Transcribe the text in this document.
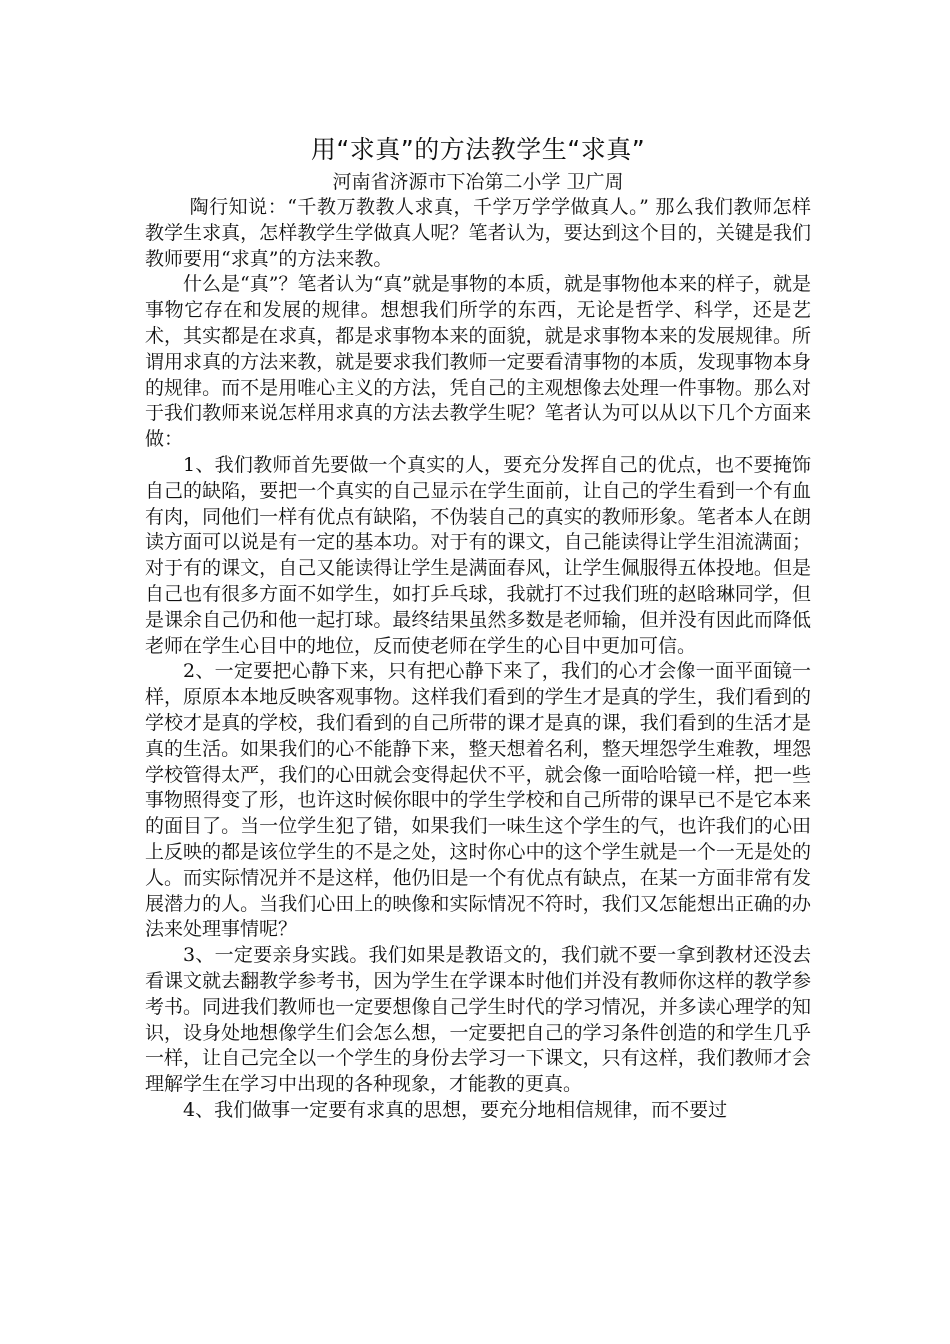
用“求真”的方法教学生“求真”

河南省济源市下冶第二小学 卫广周

陶行知说：“千教万教教人求真，千学万学学做真人。” 那么我们教师怎样教学生求真，怎样教学生学做真人呢？笔者认为，要达到这个目的，关键是我们教师要用“求真”的方法来教。

什么是“真”？笔者认为“真”就是事物的本质，就是事物他本来的样子，就是事物它存在和发展的规律。想想我们所学的东西，无论是哲学、科学，还是艺术，其实都是在求真，都是求事物本来的面貌，就是求事物本来的发展规律。所谓用求真的方法来教，就是要求我们教师一定要看清事物的本质，发现事物本身的规律。而不是用唯心主义的方法，凭自己的主观想像去处理一件事物。那么对于我们教师来说怎样用求真的方法去教学生呢？笔者认为可以从以下几个方面来做：

1、我们教师首先要做一个真实的人，要充分发挥自己的优点，也不要掩饰自己的缺陷，要把一个真实的自己显示在学生面前，让自己的学生看到一个有血有肉，同他们一样有优点有缺陷，不伪装自己的真实的教师形象。笔者本人在朗读方面可以说是有一定的基本功。对于有的课文，自己能读得让学生泪流满面；对于有的课文，自己又能读得让学生是满面春风，让学生佩服得五体投地。但是自己也有很多方面不如学生，如打乒乓球，我就打不过我们班的赵晗琳同学，但是课余自己仍和他一起打球。最终结果虽然多数是老师输，但并没有因此而降低老师在学生心目中的地位，反而使老师在学生的心目中更加可信。

2、一定要把心静下来，只有把心静下来了，我们的心才会像一面平面镜一样，原原本本地反映客观事物。这样我们看到的学生才是真的学生，我们看到的学校才是真的学校，我们看到的自己所带的课才是真的课，我们看到的生活才是真的生活。如果我们的心不能静下来，整天想着名利，整天埋怨学生难教，埋怨学校管得太严，我们的心田就会变得起伏不平，就会像一面哈哈镜一样，把一些事物照得变了形，也许这时候你眼中的学生学校和自己所带的课早已不是它本来的面目了。当一位学生犯了错，如果我们一味生这个学生的气，也许我们的心田上反映的都是该位学生的不是之处，这时你心中的这个学生就是一个一无是处的人。而实际情况并不是这样，他仍旧是一个有优点有缺点，在某一方面非常有发展潜力的人。当我们心田上的映像和实际情况不符时，我们又怎能想出正确的办法来处理事情呢？

3、一定要亲身实践。我们如果是教语文的，我们就不要一拿到教材还没去看课文就去翻教学参考书，因为学生在学课本时他们并没有教师你这样的教学参考书。同进我们教师也一定要想像自己学生时代的学习情况，并多读心理学的知识，设身处地想像学生们会怎么想，一定要把自己的学习条件创造的和学生几乎一样，让自己完全以一个学生的身份去学习一下课文，只有这样，我们教师才会理解学生在学习中出现的各种现象，才能教的更真。

4、我们做事一定要有求真的思想，要充分地相信规律，而不要过
